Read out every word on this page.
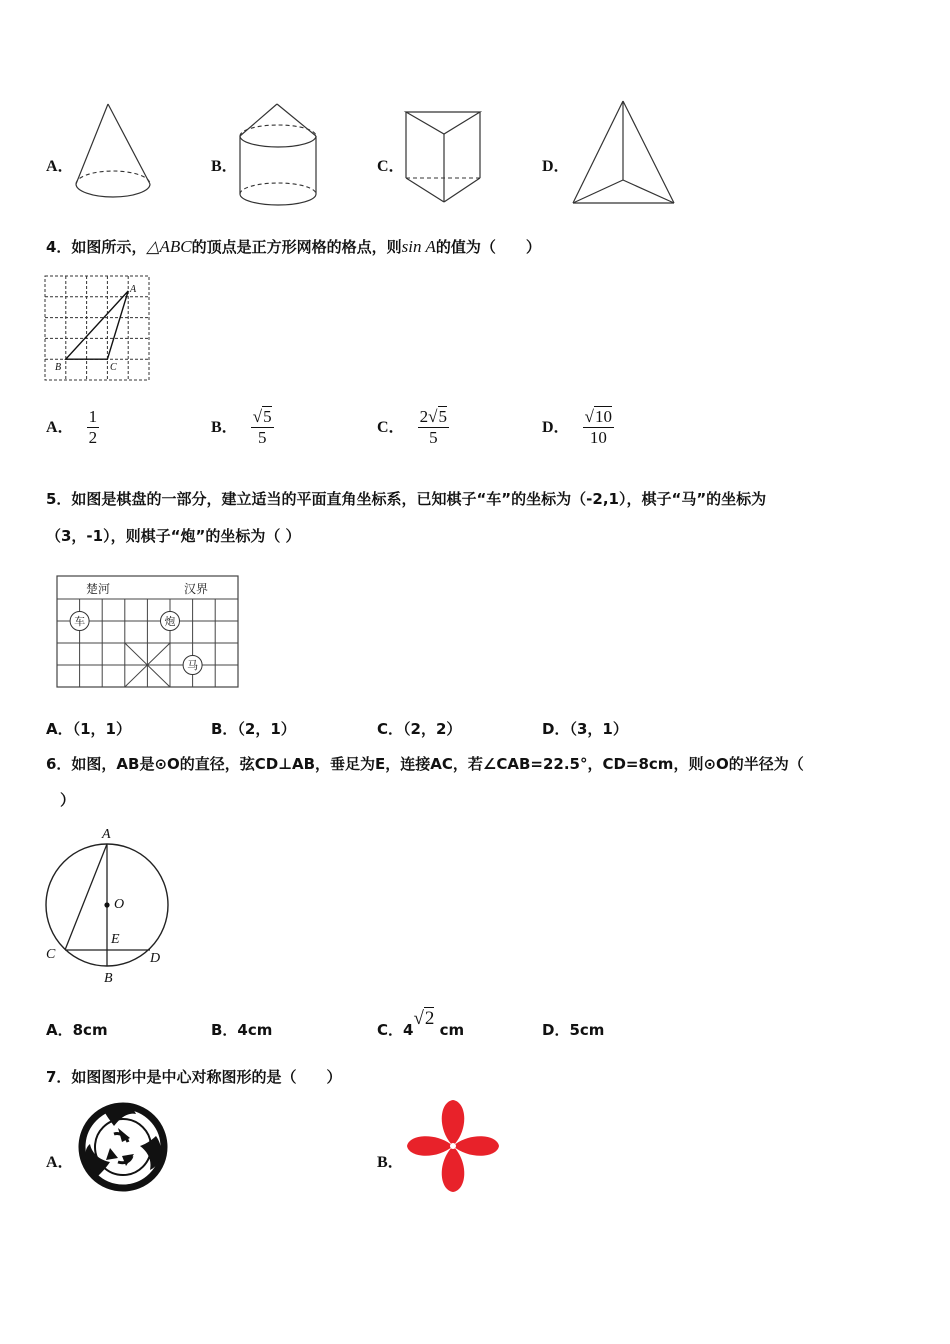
A．	B．	C．	D．
4．如图所示，△ABC的顶点是正方形网格的格点，则sin A的值为（　　）
A
B	C
A． $\frac{1}{2}$	B． $\frac{√5}{5}$	C． $\frac{2√5}{5}$	D． $\frac{√10}{10}$
5．如图是棋盘的一部分，建立适当的平面直角坐标系，已知棋子“车”的坐标为（-2,1），棋子“马”的坐标为
（3，-1），则棋子“炮”的坐标为（ ）
楚河	汉界
车	炮
马
A．（1，1）	B．（2，1）	C．（2，2）	D．（3，1）
6．如图，AB是⊙O的直径，弦CD⊥AB，垂足为E，连接AC，若∠CAB=22.5°，CD=8cm，则⊙O的半径为（
）
A
O
E
C	D
B
A．8cm	B．4cm	C．4√2 cm	D．5cm
7．如图图形中是中心对称图形的是（　　）
A．	B．
